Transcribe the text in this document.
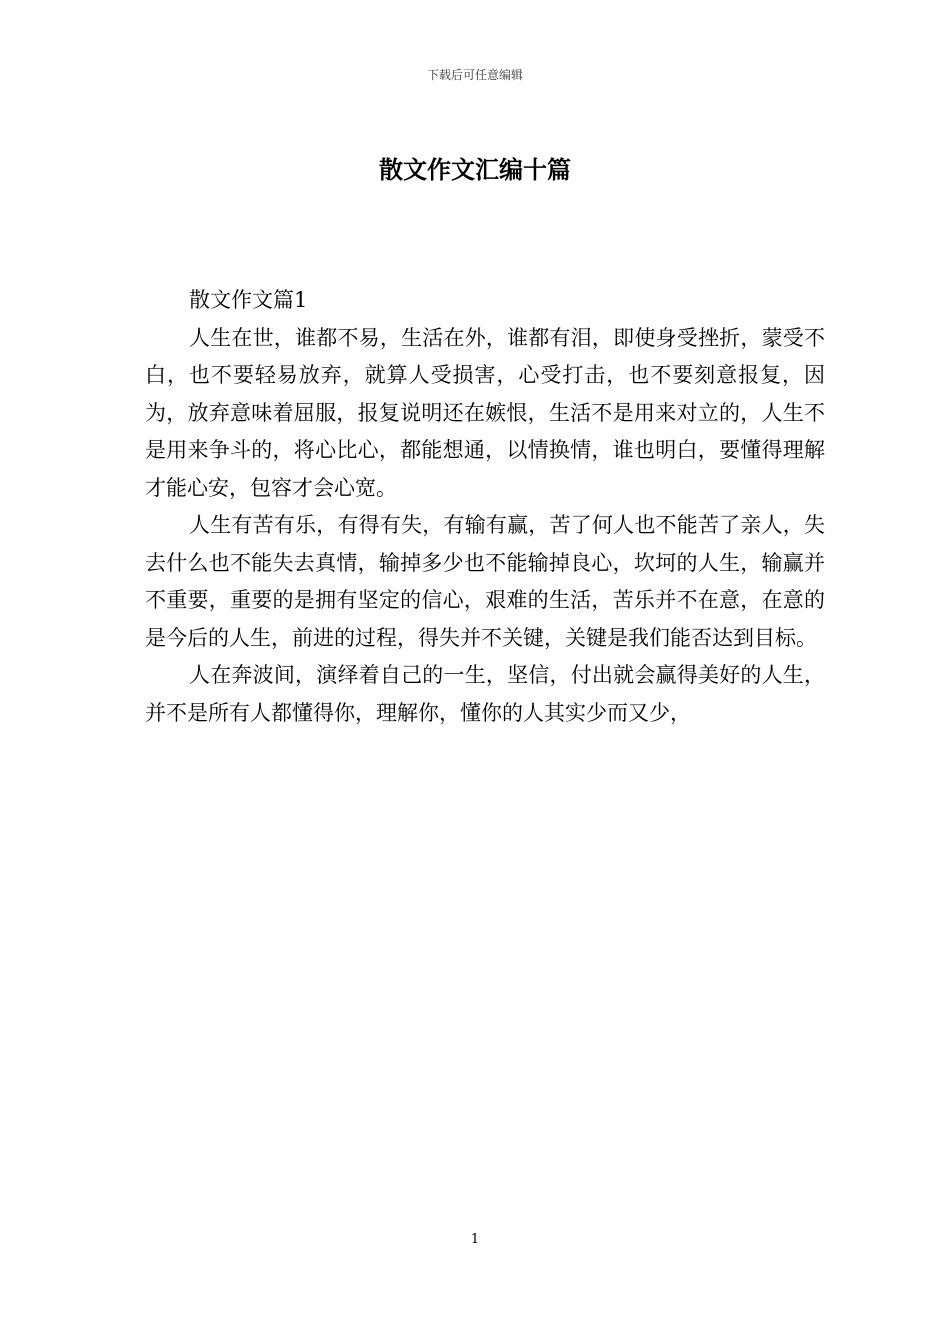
下载后可任意编辑
散文作文汇编十篇

散文作文篇1

人生在世，谁都不易，生活在外，谁都有泪，即使身受挫折，蒙受不白，也不要轻易放弃，就算人受损害，心受打击，也不要刻意报复，因为，放弃意味着屈服，报复说明还在嫉恨，生活不是用来对立的，人生不是用来争斗的，将心比心，都能想通，以情换情，谁也明白，要懂得理解才能心安，包容才会心宽。

人生有苦有乐，有得有失，有输有赢，苦了何人也不能苦了亲人，失去什么也不能失去真情，输掉多少也不能输掉良心，坎坷的人生，输赢并不重要，重要的是拥有坚定的信心，艰难的生活，苦乐并不在意，在意的是今后的人生，前进的过程，得失并不关键，关键是我们能否达到目标。

人在奔波间，演绎着自己的一生，坚信，付出就会赢得美好的人生，并不是所有人都懂得你，理解你，懂你的人其实少而又少，

1
